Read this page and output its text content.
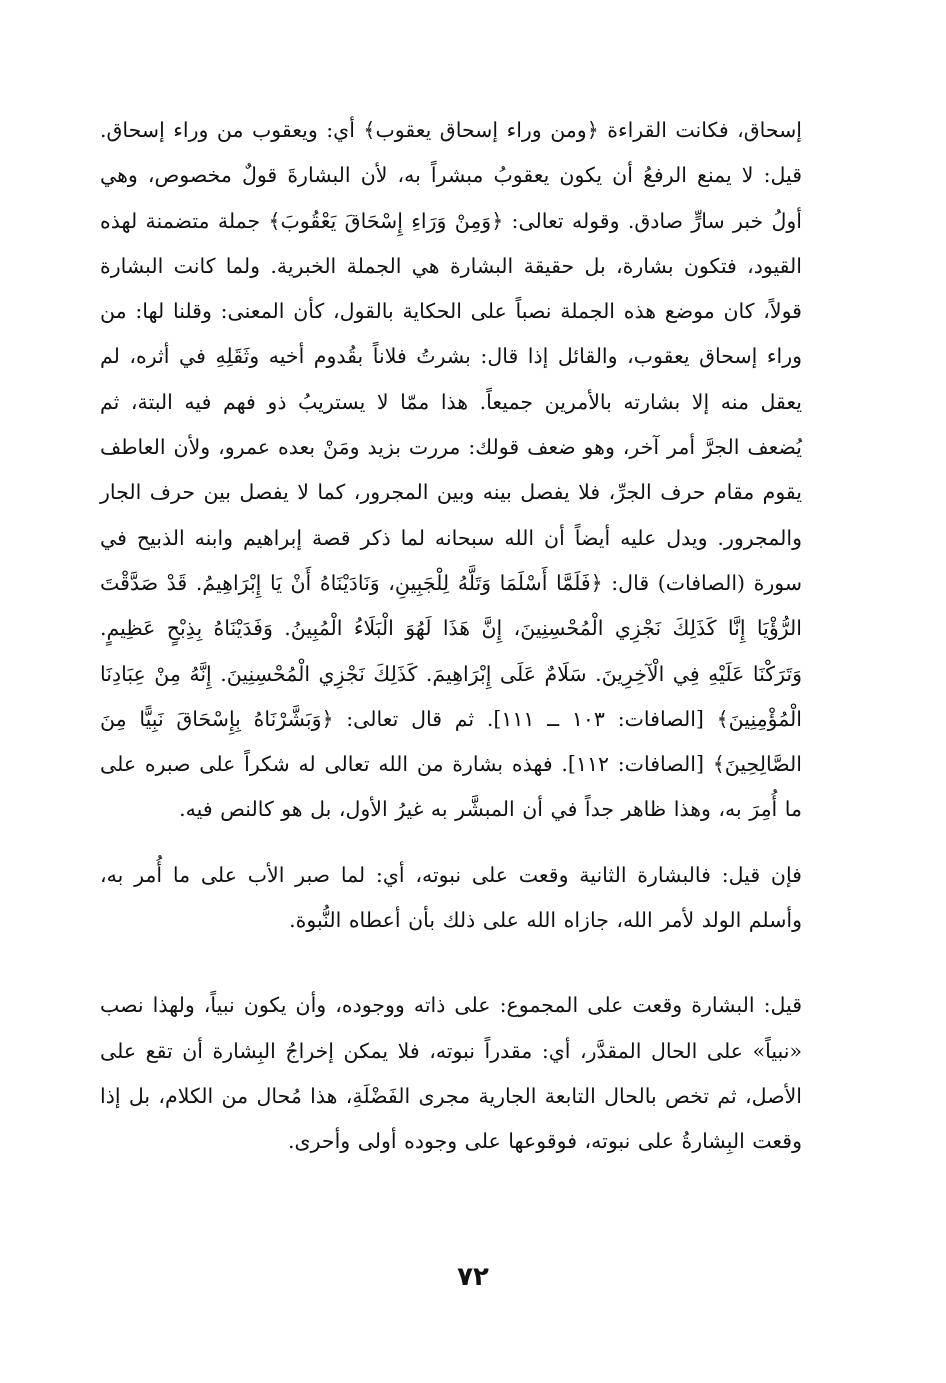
إسحاق، فكانت القراءة ﴿ومن وراء إسحاق يعقوب﴾ أي: ويعقوب من وراء إسحاق. قيل: لا يمنع الرفعُ أن يكون يعقوبُ مبشراً به، لأن البشارةَ قولٌ مخصوص، وهي أولُ خبر سارٍّ صادق. وقوله تعالى: ﴿وَمِنْ وَرَاءِ إِسْحَاقَ يَعْقُوبَ﴾ جملة متضمنة لهذه القيود، فتكون بشارة، بل حقيقة البشارة هي الجملة الخبرية. ولما كانت البشارة قولاً، كان موضع هذه الجملة نصباً على الحكاية بالقول، كأن المعنى: وقلنا لها: من وراء إسحاق يعقوب، والقائل إذا قال: بشرتُ فلاناً بقُدوم أخيه وثَقَلِهِ في أثره، لم يعقل منه إلا بشارته بالأمرين جميعاً. هذا ممّا لا يستريبُ ذو فهم فيه البتة، ثم يُضعف الجرَّ أمر آخر، وهو ضعف قولك: مررت بزيد ومَنْ بعده عمرو، ولأن العاطف يقوم مقام حرف الجرِّ، فلا يفصل بينه وبين المجرور، كما لا يفصل بين حرف الجار والمجرور. ويدل عليه أيضاً أن الله سبحانه لما ذكر قصة إبراهيم وابنه الذبيح في سورة (الصافات) قال: ﴿فَلَمَّا أَسْلَمَا وَتَلَّهُ لِلْجَبِينِ، وَنَادَيْنَاهُ أَنْ يَا إِبْرَاهِيمُ. قَدْ صَدَّقْتَ الرُّؤْيَا إِنَّا كَذَلِكَ نَجْزِي الْمُحْسِنِينَ، إِنَّ هَذَا لَهُوَ الْبَلَاءُ الْمُبِينُ. وَفَدَيْنَاهُ بِذِبْحٍ عَظِيمٍ. وَتَرَكْنَا عَلَيْهِ فِي الْآخِرِينَ. سَلَامٌ عَلَى إِبْرَاهِيمَ. كَذَلِكَ نَجْزِي الْمُحْسِنِينَ. إِنَّهُ مِنْ عِبَادِنَا الْمُؤْمِنِينَ﴾ [الصافات: ١٠٣ ــ ١١١]. ثم قال تعالى: ﴿وَبَشَّرْنَاهُ بِإِسْحَاقَ نَبِيًّا مِنَ الصَّالِحِينَ﴾ [الصافات: ١١٢]. فهذه بشارة من الله تعالى له شكراً على صبره على ما أُمِرَ به، وهذا ظاهر جداً في أن المبشَّر به غيرُ الأول، بل هو كالنص فيه.

فإن قيل: فالبشارة الثانية وقعت على نبوته، أي: لما صبر الأب على ما أُمر به، وأسلم الولد لأمر الله، جازاه الله على ذلك بأن أعطاه النُّبوة.

قيل: البشارة وقعت على المجموع: على ذاته ووجوده، وأن يكون نبياً، ولهذا نصب «نبياً» على الحال المقدَّر، أي: مقدراً نبوته، فلا يمكن إخراجُ البِشارة أن تقع على الأصل، ثم تخص بالحال التابعة الجارية مجرى الفَضْلَةِ، هذا مُحال من الكلام، بل إذا وقعت البِشارةُ على نبوته، فوقوعها على وجوده أولى وأحرى.

٧٢
